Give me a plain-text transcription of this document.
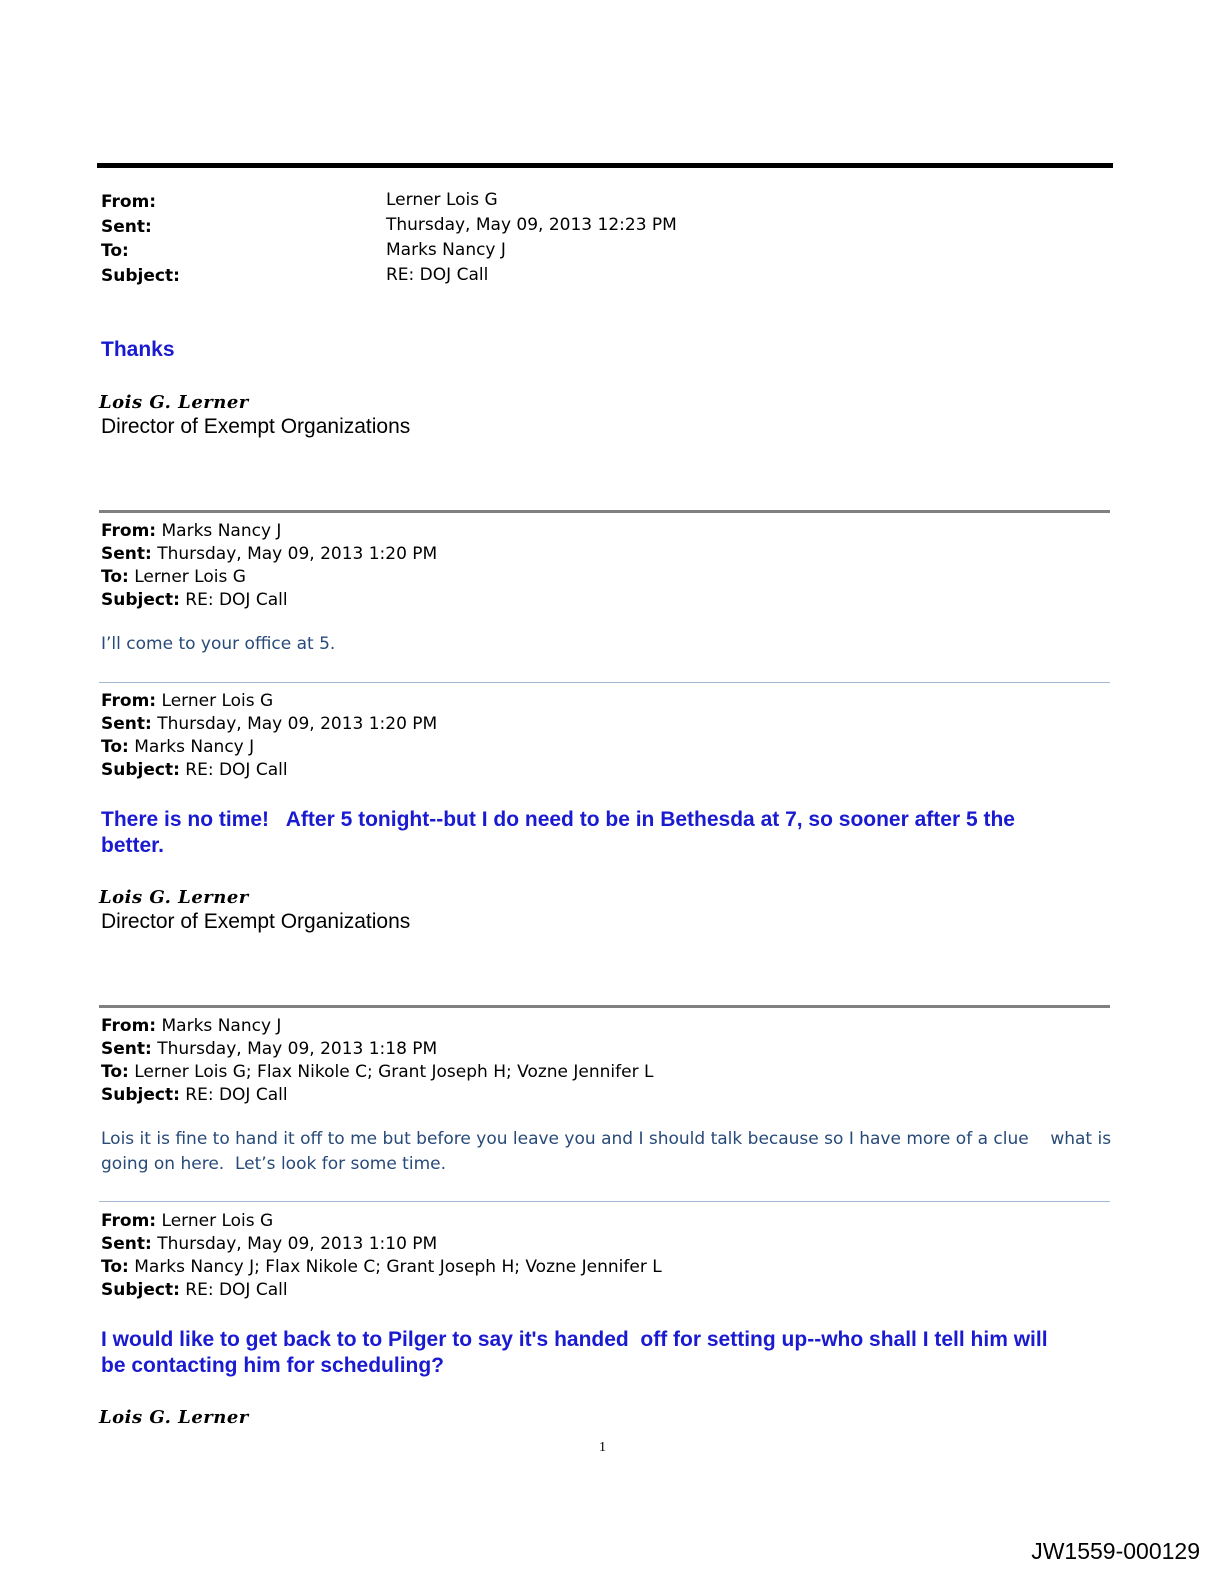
From:	Lerner Lois G
Sent:	Thursday, May 09, 2013 12:23 PM
To:	Marks Nancy J
Subject:	RE: DOJ Call
Thanks
Lois G. Lerner
Director of Exempt Organizations
From: Marks Nancy J
Sent: Thursday, May 09, 2013 1:20 PM
To: Lerner Lois G
Subject: RE: DOJ Call
I’ll come to your office at 5.
From: Lerner Lois G
Sent: Thursday, May 09, 2013 1:20 PM
To: Marks Nancy J
Subject: RE: DOJ Call
There is no time!   After 5 tonight--but I do need to be in Bethesda at 7, so sooner after 5 the
better.
Lois G. Lerner
Director of Exempt Organizations
From: Marks Nancy J
Sent: Thursday, May 09, 2013 1:18 PM
To: Lerner Lois G; Flax Nikole C; Grant Joseph H; Vozne Jennifer L
Subject: RE: DOJ Call
Lois it is fine to hand it off to me but before you leave you and I should talk because so I have more of a clue    what is
going on here.  Let’s look for some time.
From: Lerner Lois G
Sent: Thursday, May 09, 2013 1:10 PM
To: Marks Nancy J; Flax Nikole C; Grant Joseph H; Vozne Jennifer L
Subject: RE: DOJ Call
I would like to get back to to Pilger to say it's handed  off for setting up--who shall I tell him will
be contacting him for scheduling?
Lois G. Lerner
1
JW1559-000129
